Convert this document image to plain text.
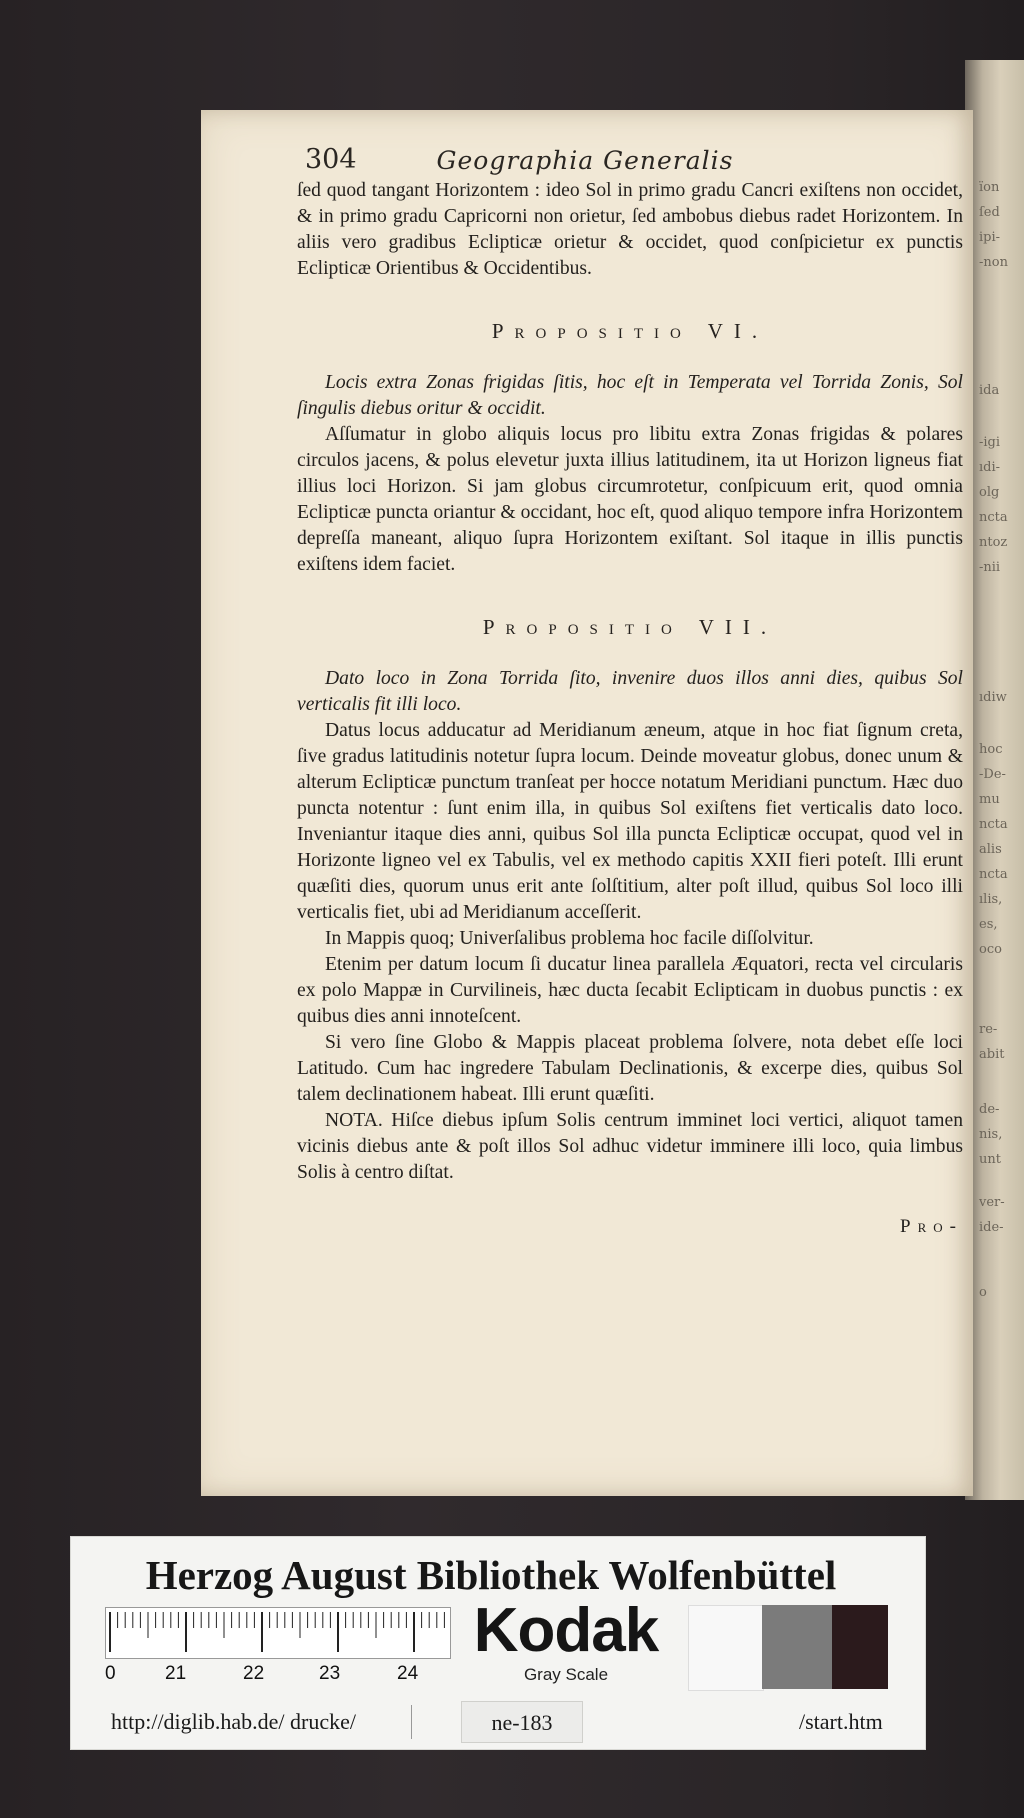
ïon
ſed
ipi-
-non
ida
-igi
ıdi-
olg
ncta
ntoz
-nii
ıdiw
hoc
-De-
mu
ncta
alis
ncta
ılis,
es,
oco
re-
abit
de-
nis,
unt
ver-
ide-
o
304	Geographia Generalis

ſed quod tangant Horizontem : ideo Sol in primo gradu Cancri exiſtens non occidet, & in primo gradu Capricorni non orietur, ſed ambobus diebus radet Horizontem. In aliis vero gradibus Eclipticæ orietur & occidet, quod conſpicietur ex punctis Eclipticæ Orientibus & Occidentibus.

Propositio VI.

Locis extra Zonas frigidas ſitis, hoc eſt in Temperata vel Torrida Zonis, Sol ſingulis diebus oritur & occidit.

Aſſumatur in globo aliquis locus pro libitu extra Zonas frigidas & polares circulos jacens, & polus elevetur juxta illius latitudinem, ita ut Horizon ligneus fiat illius loci Horizon. Si jam globus circumrotetur, conſpicuum erit, quod omnia Eclipticæ puncta oriantur & occidant, hoc eſt, quod aliquo tempore infra Horizontem depreſſa maneant, aliquo ſupra Horizontem exiſtant. Sol itaque in illis punctis exiſtens idem faciet.

Propositio VII.

Dato loco in Zona Torrida ſito, invenire duos illos anni dies, quibus Sol verticalis fit illi loco.

Datus locus adducatur ad Meridianum æneum, atque in hoc fiat ſignum creta, ſive gradus latitudinis notetur ſupra locum. Deinde moveatur globus, donec unum & alterum Eclipticæ punctum tranſeat per hocce notatum Meridiani punctum. Hæc duo puncta notentur : ſunt enim illa, in quibus Sol exiſtens fiet verticalis dato loco. Inveniantur itaque dies anni, quibus Sol illa puncta Eclipticæ occupat, quod vel in Horizonte ligneo vel ex Tabulis, vel ex methodo capitis XXII fieri poteſt. Illi erunt quæſiti dies, quorum unus erit ante ſolſtitium, alter poſt illud, quibus Sol loco illi verticalis fiet, ubi ad Meridianum acceſſerit.

In Mappis quoq; Univerſalibus problema hoc facile diſſolvitur.

Etenim per datum locum ſi ducatur linea parallela Æquatori, recta vel circularis ex polo Mappæ in Curvilineis, hæc ducta ſecabit Eclipticam in duobus punctis : ex quibus dies anni innoteſcent.

Si vero ſine Globo & Mappis placeat problema ſolvere, nota debet eſſe loci Latitudo. Cum hac ingredere Tabulam Declinationis, & excerpe dies, quibus Sol talem declinationem habeat. Illi erunt quæſiti.

NOTA. Hiſce diebus ipſum Solis centrum imminet loci vertici, aliquot tamen vicinis diebus ante & poſt illos Sol adhuc videtur imminere illi loco, quia limbus Solis à centro diſtat.

Pro-
Herzog August Bibliothek Wolfenbüttel
0	21	22	23	24
Kodak
Gray Scale
http://diglib.hab.de/ drucke/	ne-183	/start.htm
